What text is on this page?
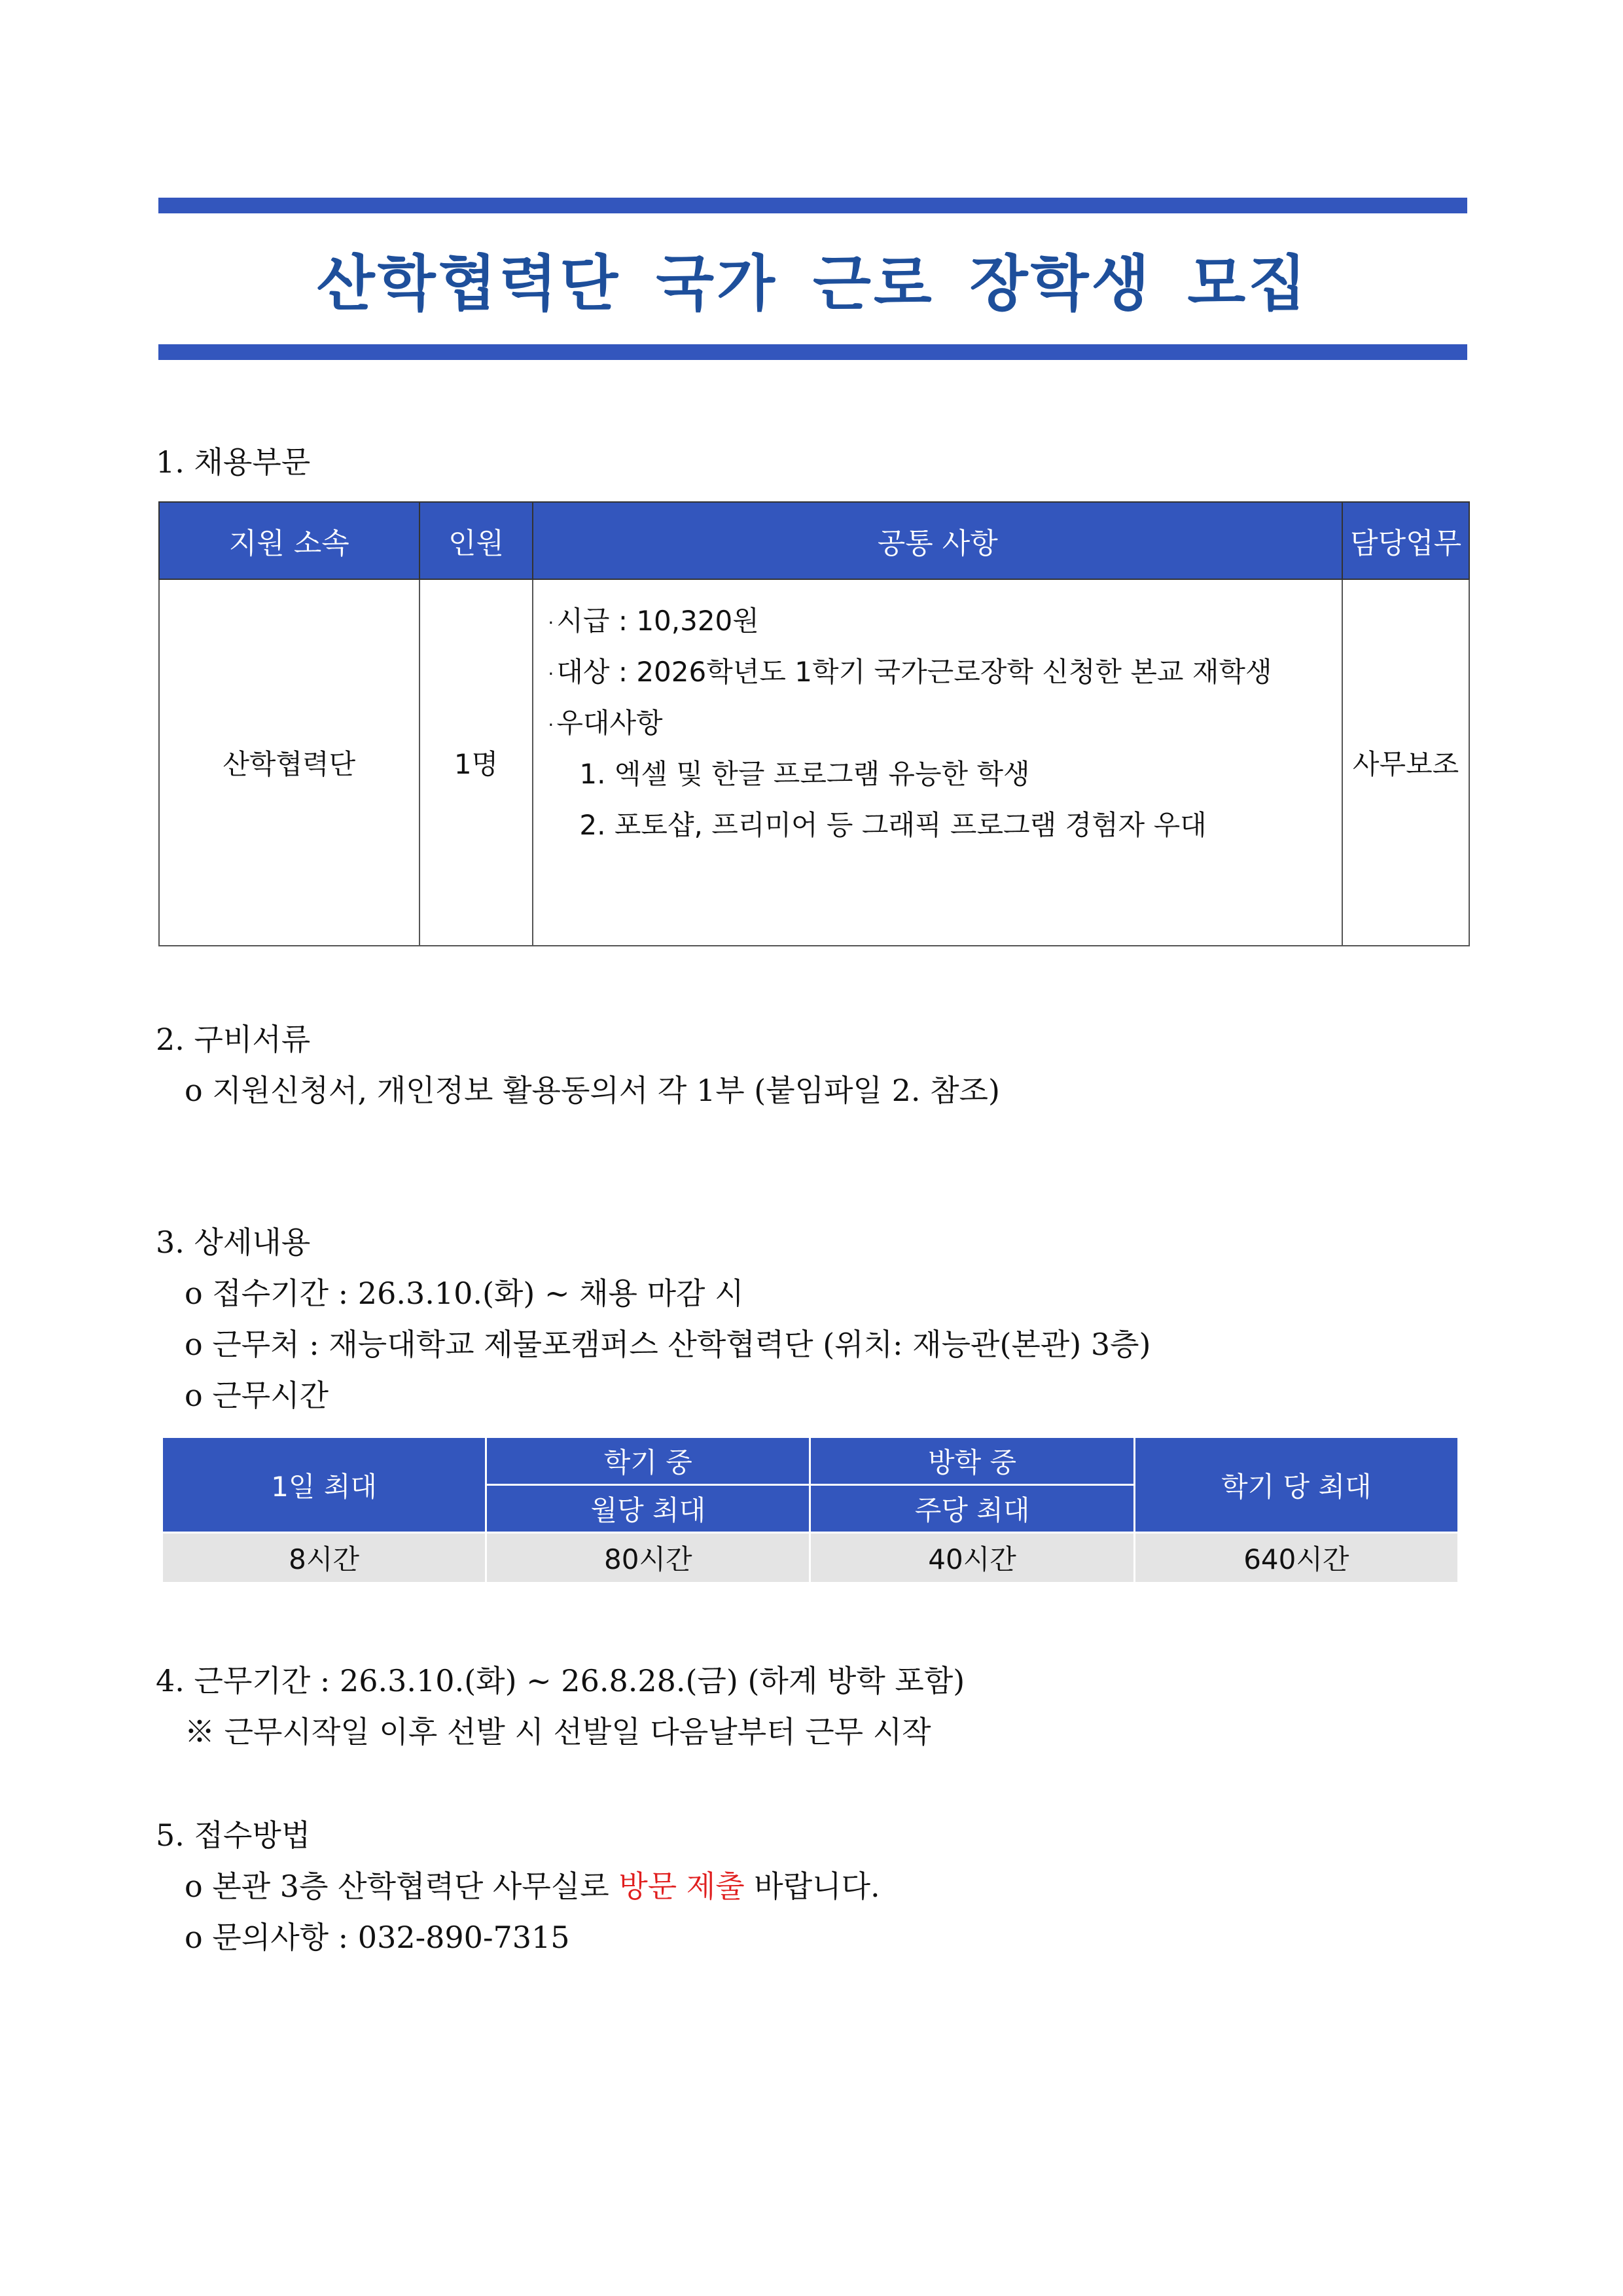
산학협력단 국가 근로 장학생 모집
1. 채용부문
지원 소속	인원	공통 사항	담당업무
산학협력단	1명	·시급 : 10,320원
·대상 : 2026학년도 1학기 국가근로장학 신청한 본교 재학생
·우대사항
1. 엑셀 및 한글 프로그램 유능한 학생
2. 포토샵, 프리미어 등 그래픽 프로그램 경험자 우대	사무보조
2. 구비서류
o 지원신청서, 개인정보 활용동의서 각 1부 (붙임파일 2. 참조)
3. 상세내용
o 접수기간 : 26.3.10.(화) ~ 채용 마감 시
o 근무처 : 재능대학교 제물포캠퍼스 산학협력단 (위치: 재능관(본관) 3층)
o 근무시간
1일 최대	학기 중	방학 중	학기 당 최대
	월당 최대	주당 최대	
8시간	80시간	40시간	640시간
4. 근무기간 : 26.3.10.(화) ~ 26.8.28.(금) (하계 방학 포함)
※ 근무시작일 이후 선발 시 선발일 다음날부터 근무 시작
5. 접수방법
o 본관 3층 산학협력단 사무실로 방문 제출 바랍니다.
o 문의사항 : 032-890-7315
